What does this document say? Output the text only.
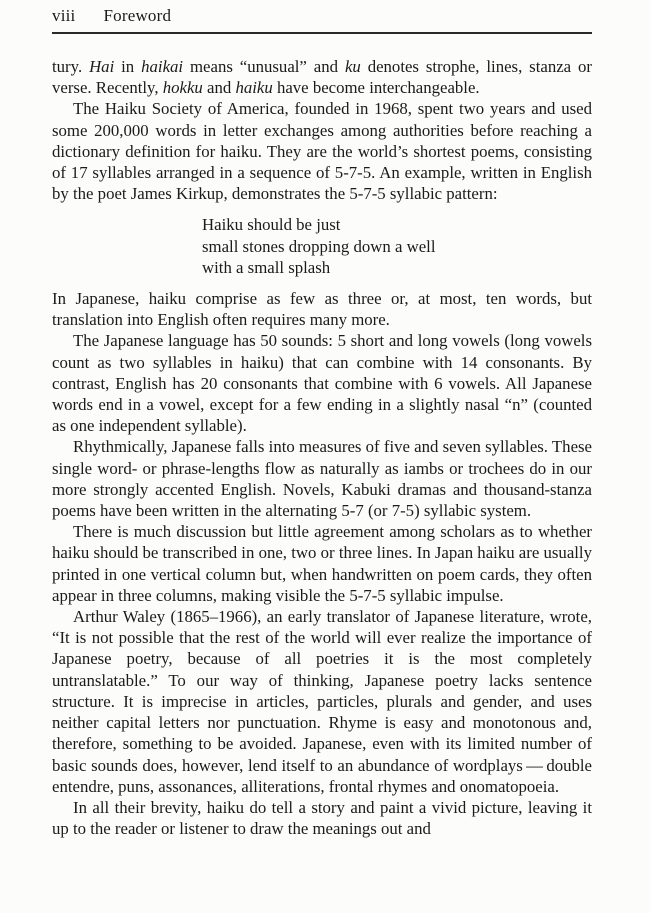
viii Foreword

tury. Hai in haikai means “unusual” and ku denotes strophe, lines, stanza or verse. Recently, hokku and haiku have become interchangeable.

The Haiku Society of America, founded in 1968, spent two years and used some 200,000 words in letter exchanges among authorities before reaching a dictionary definition for haiku. They are the world’s shortest poems, consisting of 17 syllables arranged in a sequence of 5-7-5. An example, written in English by the poet James Kirkup, demonstrates the 5-7-5 syllabic pattern:

Haiku should be just
small stones dropping down a well
with a small splash

In Japanese, haiku comprise as few as three or, at most, ten words, but translation into English often requires many more.

The Japanese language has 50 sounds: 5 short and long vowels (long vowels count as two syllables in haiku) that can combine with 14 consonants. By contrast, English has 20 consonants that combine with 6 vowels. All Japanese words end in a vowel, except for a few ending in a slightly nasal “n” (counted as one independent syllable).

Rhythmically, Japanese falls into measures of five and seven syllables. These single word- or phrase-lengths flow as naturally as iambs or trochees do in our more strongly accented English. Novels, Kabuki dramas and thousand-stanza poems have been written in the alternating 5-7 (or 7-5) syllabic system.

There is much discussion but little agreement among scholars as to whether haiku should be transcribed in one, two or three lines. In Japan haiku are usually printed in one vertical column but, when handwritten on poem cards, they often appear in three columns, making visible the 5-7-5 syllabic impulse.

Arthur Waley (1865–1966), an early translator of Japanese literature, wrote, “It is not possible that the rest of the world will ever realize the importance of Japanese poetry, because of all poetries it is the most completely untranslatable.” To our way of thinking, Japanese poetry lacks sentence structure. It is imprecise in articles, particles, plurals and gender, and uses neither capital letters nor punctuation. Rhyme is easy and monotonous and, therefore, something to be avoided. Japanese, even with its limited number of basic sounds does, however, lend itself to an abundance of wordplays — double entendre, puns, assonances, alliterations, frontal rhymes and onomatopoeia.

In all their brevity, haiku do tell a story and paint a vivid picture, leaving it up to the reader or listener to draw the meanings out and
